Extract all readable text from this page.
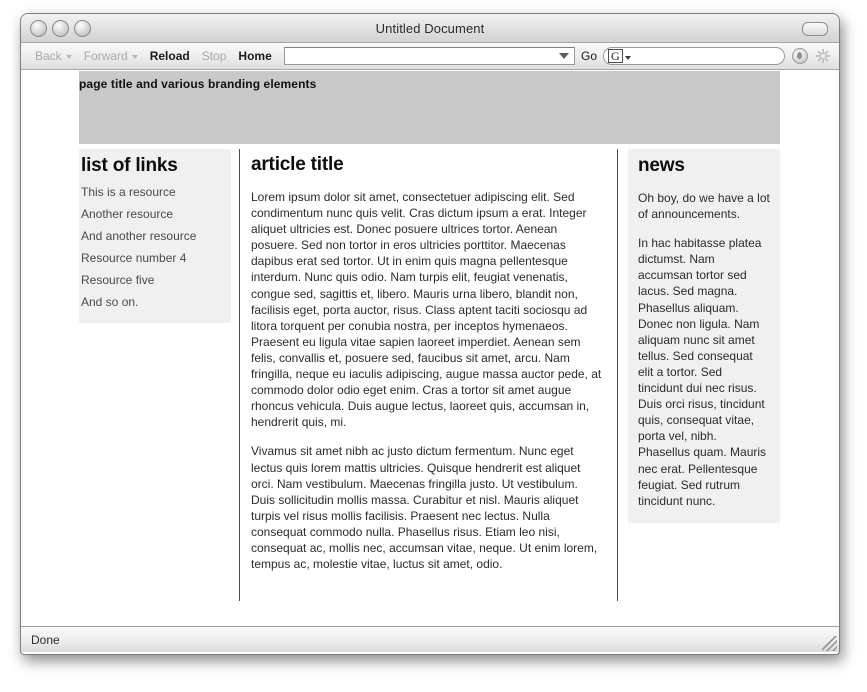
Untitled Document
Back Forward Reload Stop Home	Go G
page title and various branding elements
list of links
This is a resource
Another resource
And another resource
Resource number 4
Resource five
And so on.
article title

Lorem ipsum dolor sit amet, consectetuer adipiscing elit. Sed condimentum nunc quis velit. Cras dictum ipsum a erat. Integer aliquet ultricies est. Donec posuere ultrices tortor. Aenean posuere. Sed non tortor in eros ultricies porttitor. Maecenas dapibus erat sed tortor. Ut in enim quis magna pellentesque interdum. Nunc quis odio. Nam turpis elit, feugiat venenatis, congue sed, sagittis et, libero. Mauris urna libero, blandit non, facilisis eget, porta auctor, risus. Class aptent taciti sociosqu ad litora torquent per conubia nostra, per inceptos hymenaeos. Praesent eu ligula vitae sapien laoreet imperdiet. Aenean sem felis, convallis et, posuere sed, faucibus sit amet, arcu. Nam fringilla, neque eu iaculis adipiscing, augue massa auctor pede, at commodo dolor odio eget enim. Cras a tortor sit amet augue rhoncus vehicula. Duis augue lectus, laoreet quis, accumsan in, hendrerit quis, mi.

Vivamus sit amet nibh ac justo dictum fermentum. Nunc eget lectus quis lorem mattis ultricies. Quisque hendrerit est aliquet orci. Nam vestibulum. Maecenas fringilla justo. Ut vestibulum. Duis sollicitudin mollis massa. Curabitur et nisl. Mauris aliquet turpis vel risus mollis facilisis. Praesent nec lectus. Nulla consequat commodo nulla. Phasellus risus. Etiam leo nisi, consequat ac, mollis nec, accumsan vitae, neque. Ut enim lorem, tempus ac, molestie vitae, luctus sit amet, odio.

news

Oh boy, do we have a lot of announcements.

In hac habitasse platea dictumst. Nam accumsan tortor sed lacus. Sed magna. Phasellus aliquam. Donec non ligula. Nam aliquam nunc sit amet tellus. Sed consequat elit a tortor. Sed tincidunt dui nec risus. Duis orci risus, tincidunt quis, consequat vitae, porta vel, nibh. Phasellus quam. Mauris nec erat. Pellentesque feugiat. Sed rutrum tincidunt nunc.

Done
